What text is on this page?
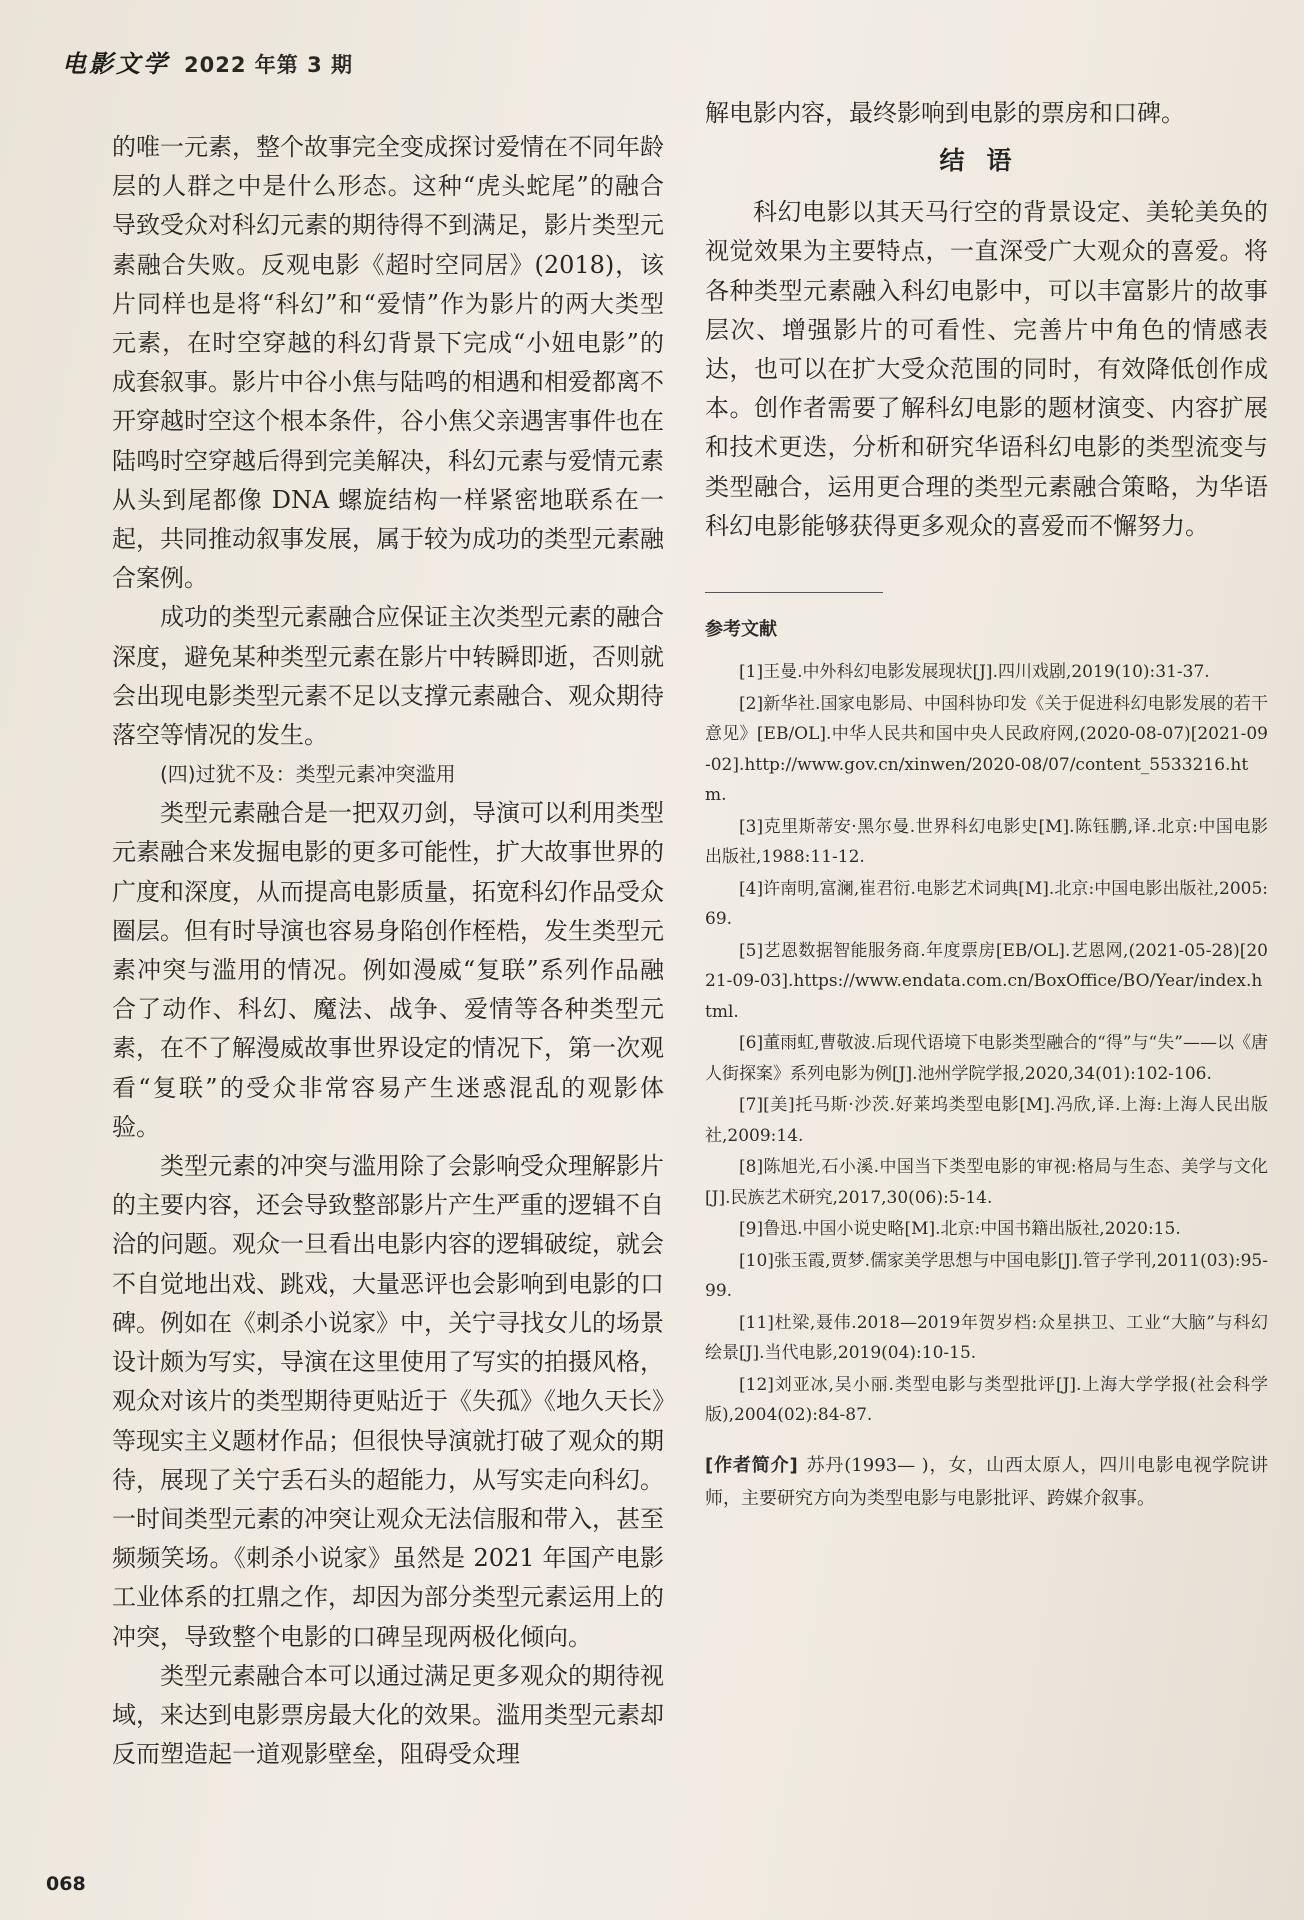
电影文学 2022 年第 3 期

的唯一元素，整个故事完全变成探讨爱情在不同年龄层的人群之中是什么形态。这种“虎头蛇尾”的融合导致受众对科幻元素的期待得不到满足，影片类型元素融合失败。反观电影《超时空同居》(2018)，该片同样也是将“科幻”和“爱情”作为影片的两大类型元素，在时空穿越的科幻背景下完成“小妞电影”的成套叙事。影片中谷小焦与陆鸣的相遇和相爱都离不开穿越时空这个根本条件，谷小焦父亲遇害事件也在陆鸣时空穿越后得到完美解决，科幻元素与爱情元素从头到尾都像 DNA 螺旋结构一样紧密地联系在一起，共同推动叙事发展，属于较为成功的类型元素融合案例。

成功的类型元素融合应保证主次类型元素的融合深度，避免某种类型元素在影片中转瞬即逝，否则就会出现电影类型元素不足以支撑元素融合、观众期待落空等情况的发生。

(四)过犹不及：类型元素冲突滥用

类型元素融合是一把双刃剑，导演可以利用类型元素融合来发掘电影的更多可能性，扩大故事世界的广度和深度，从而提高电影质量，拓宽科幻作品受众圈层。但有时导演也容易身陷创作桎梏，发生类型元素冲突与滥用的情况。例如漫威“复联”系列作品融合了动作、科幻、魔法、战争、爱情等各种类型元素，在不了解漫威故事世界设定的情况下，第一次观看“复联”的受众非常容易产生迷惑混乱的观影体验。

类型元素的冲突与滥用除了会影响受众理解影片的主要内容，还会导致整部影片产生严重的逻辑不自洽的问题。观众一旦看出电影内容的逻辑破绽，就会不自觉地出戏、跳戏，大量恶评也会影响到电影的口碑。例如在《刺杀小说家》中，关宁寻找女儿的场景设计颇为写实，导演在这里使用了写实的拍摄风格，观众对该片的类型期待更贴近于《失孤》《地久天长》等现实主义题材作品；但很快导演就打破了观众的期待，展现了关宁丢石头的超能力，从写实走向科幻。一时间类型元素的冲突让观众无法信服和带入，甚至频频笑场。《刺杀小说家》虽然是 2021 年国产电影工业体系的扛鼎之作，却因为部分类型元素运用上的冲突，导致整个电影的口碑呈现两极化倾向。

类型元素融合本可以通过满足更多观众的期待视域，来达到电影票房最大化的效果。滥用类型元素却反而塑造起一道观影壁垒，阻碍受众理

解电影内容，最终影响到电影的票房和口碑。

结语

科幻电影以其天马行空的背景设定、美轮美奂的视觉效果为主要特点，一直深受广大观众的喜爱。将各种类型元素融入科幻电影中，可以丰富影片的故事层次、增强影片的可看性、完善片中角色的情感表达，也可以在扩大受众范围的同时，有效降低创作成本。创作者需要了解科幻电影的题材演变、内容扩展和技术更迭，分析和研究华语科幻电影的类型流变与类型融合，运用更合理的类型元素融合策略，为华语科幻电影能够获得更多观众的喜爱而不懈努力。

参考文献
[1]王曼.中外科幻电影发展现状[J].四川戏剧,2019(10):31-37.
[2]新华社.国家电影局、中国科协印发《关于促进科幻电影发展的若干意见》[EB/OL].中华人民共和国中央人民政府网,(2020-08-07)[2021-09-02].http://www.gov.cn/xinwen/2020-08/07/content_5533216.htm.
[3]克里斯蒂安·黑尔曼.世界科幻电影史[M].陈钰鹏,译.北京:中国电影出版社,1988:11-12.
[4]许南明,富澜,崔君衍.电影艺术词典[M].北京:中国电影出版社,2005:69.
[5]艺恩数据智能服务商.年度票房[EB/OL].艺恩网,(2021-05-28)[2021-09-03].https://www.endata.com.cn/BoxOffice/BO/Year/index.html.
[6]董雨虹,曹敬波.后现代语境下电影类型融合的“得”与“失”——以《唐人街探案》系列电影为例[J].池州学院学报,2020,34(01):102-106.
[7][美]托马斯·沙茨.好莱坞类型电影[M].冯欣,译.上海:上海人民出版社,2009:14.
[8]陈旭光,石小溪.中国当下类型电影的审视:格局与生态、美学与文化[J].民族艺术研究,2017,30(06):5-14.
[9]鲁迅.中国小说史略[M].北京:中国书籍出版社,2020:15.
[10]张玉霞,贾梦.儒家美学思想与中国电影[J].管子学刊,2011(03):95-99.
[11]杜梁,聂伟.2018—2019年贺岁档:众星拱卫、工业“大脑”与科幻绘景[J].当代电影,2019(04):10-15.
[12]刘亚冰,吴小丽.类型电影与类型批评[J].上海大学学报(社会科学版),2004(02):84-87.
[作者简介] 苏丹(1993— )，女，山西太原人，四川电影电视学院讲师，主要研究方向为类型电影与电影批评、跨媒介叙事。
068
